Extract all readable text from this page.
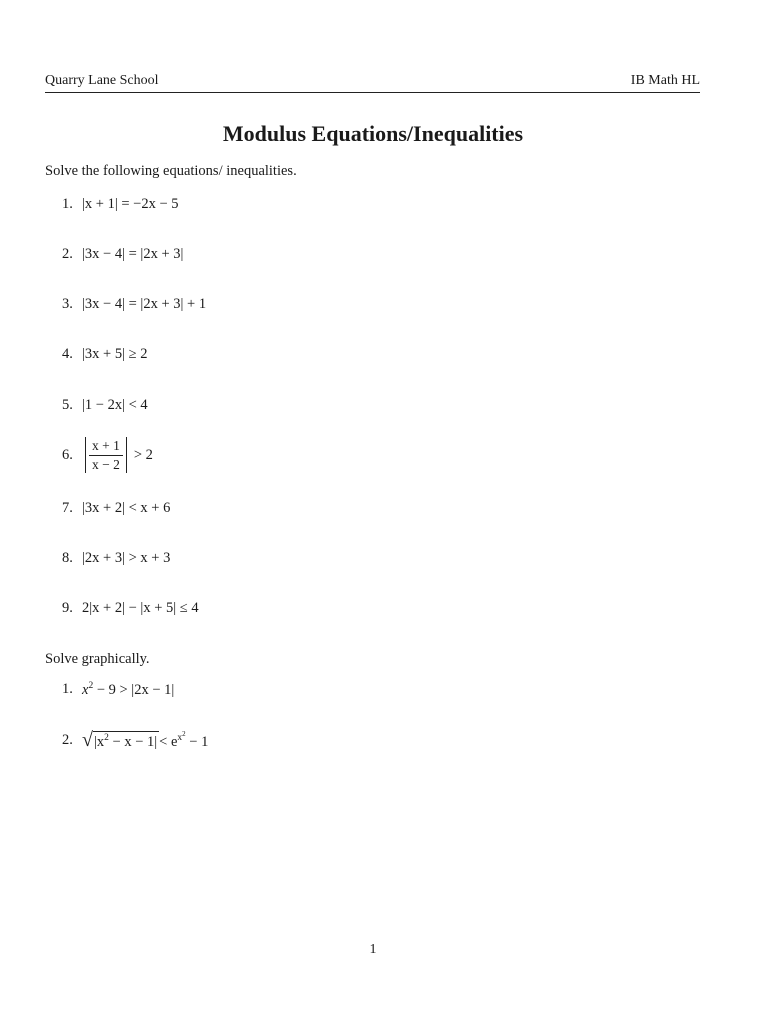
Quarry Lane School	IB Math HL
Modulus Equations/Inequalities
Solve the following equations/ inequalities.
1. |x + 1| = −2x − 5
2. |3x − 4| = |2x + 3|
3. |3x − 4| = |2x + 3| + 1
4. |3x + 5| ≥ 2
5. |1 − 2x| < 4
6.	$\frac{x + 1}{x - 2} > 2$
7. |3x + 2| < x + 6
8. |2x + 3| > x + 3
9. 2|x + 2| − |x + 5| ≤ 4
Solve graphically.
1. $x^2 - 9 > |2x - 1|$
2. √ $|x^2 - x - 1| < e^{x^2} - 1$
1
